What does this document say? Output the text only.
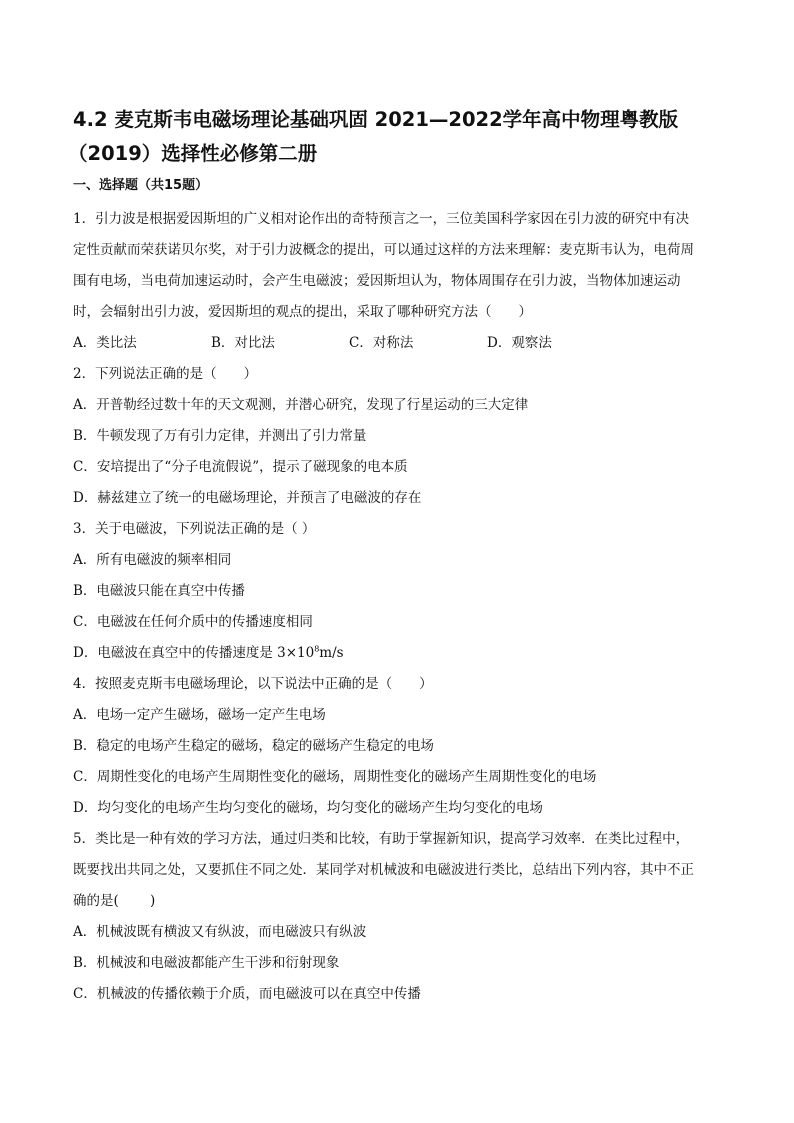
4.2 麦克斯韦电磁场理论基础巩固 2021—2022学年高中物理粤教版
（2019）选择性必修第二册
一、选择题（共15题）

1．引力波是根据爱因斯坦的广义相对论作出的奇特预言之一，三位美国科学家因在引力波的研究中有决

定性贡献而荣获诺贝尔奖，对于引力波概念的提出，可以通过这样的方法来理解：麦克斯韦认为，电荷周

围有电场，当电荷加速运动时，会产生电磁波；爱因斯坦认为，物体周围存在引力波，当物体加速运动

时，会辐射出引力波，爱因斯坦的观点的提出，采取了哪种研究方法（　　）

A．类比法	B．对比法	C．对称法	D．观察法

2．下列说法正确的是（　　）

A．开普勒经过数十年的天文观测，并潜心研究，发现了行星运动的三大定律

B．牛顿发现了万有引力定律，并测出了引力常量

C．安培提出了“分子电流假说”，提示了磁现象的电本质

D．赫兹建立了统一的电磁场理论，并预言了电磁波的存在

3．关于电磁波，下列说法正确的是（ ）

A．所有电磁波的频率相同

B．电磁波只能在真空中传播

C．电磁波在任何介质中的传播速度相同

D．电磁波在真空中的传播速度是 $3\times 10^8m/s$

4．按照麦克斯韦电磁场理论，以下说法中正确的是（　　）

A．电场一定产生磁场，磁场一定产生电场

B．稳定的电场产生稳定的磁场，稳定的磁场产生稳定的电场

C．周期性变化的电场产生周期性变化的磁场，周期性变化的磁场产生周期性变化的电场

D．均匀变化的电场产生均匀变化的磁场，均匀变化的磁场产生均匀变化的电场

5．类比是一种有效的学习方法，通过归类和比较，有助于掌握新知识，提高学习效率．在类比过程中，

既要找出共同之处，又要抓住不同之处．某同学对机械波和电磁波进行类比，总结出下列内容，其中不正

确的是(　　 )

A．机械波既有横波又有纵波，而电磁波只有纵波

B．机械波和电磁波都能产生干涉和衍射现象

C．机械波的传播依赖于介质，而电磁波可以在真空中传播
